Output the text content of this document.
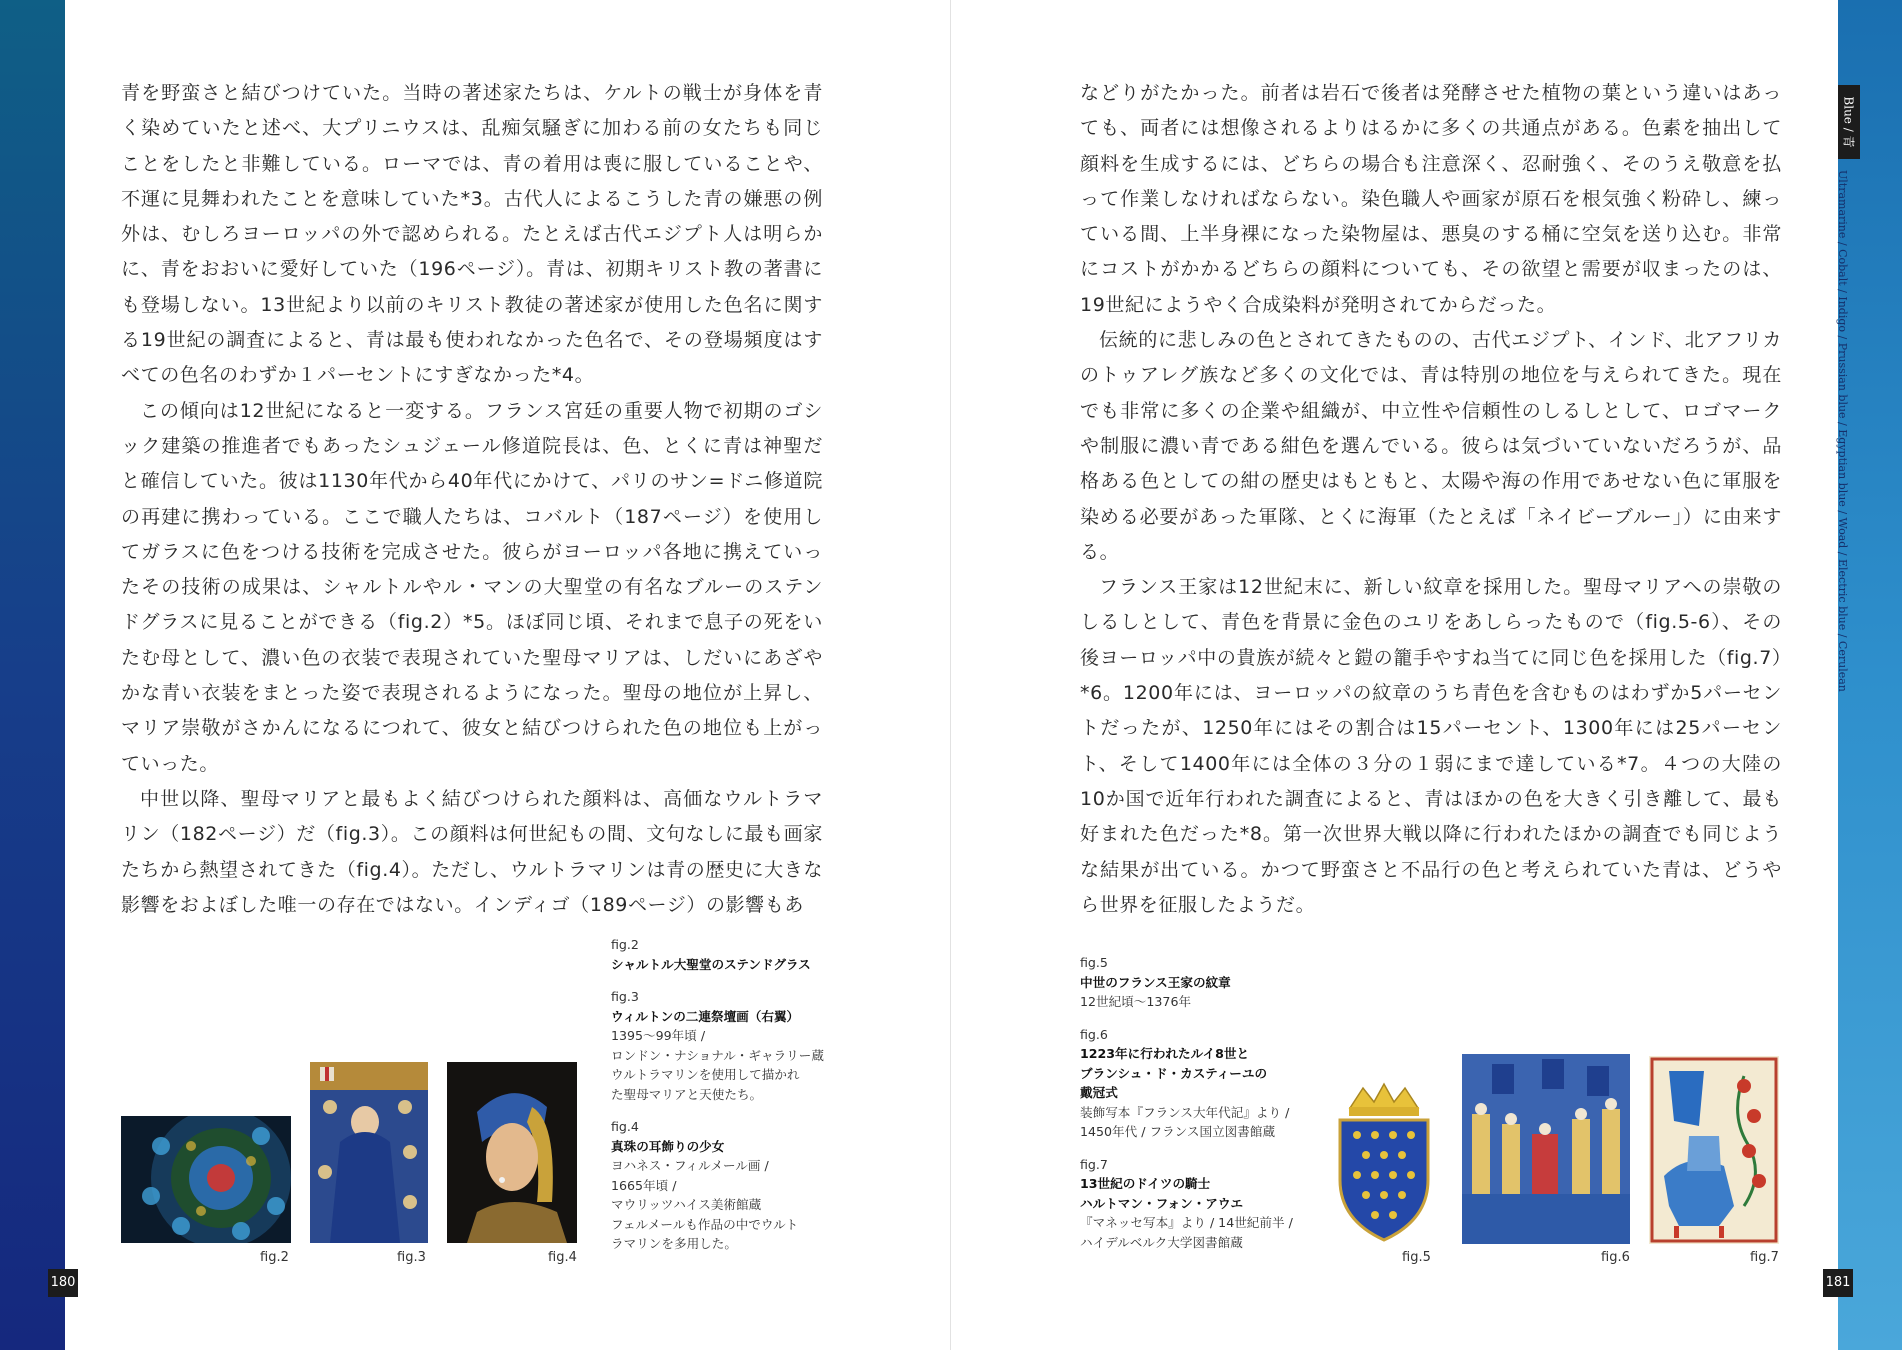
青を野蛮さと結びつけていた。当時の著述家たちは、ケルトの戦士が身体を青く染めていたと述べ、大プリニウスは、乱痴気騒ぎに加わる前の女たちも同じことをしたと非難している。ローマでは、青の着用は喪に服していることや、不運に見舞われたことを意味していた*3。古代人によるこうした青の嫌悪の例外は、むしろヨーロッパの外で認められる。たとえば古代エジプト人は明らかに、青をおおいに愛好していた（196ページ）。青は、初期キリスト教の著書にも登場しない。13世紀より以前のキリスト教徒の著述家が使用した色名に関する19世紀の調査によると、青は最も使われなかった色名で、その登場頻度はすべての色名のわずか１パーセントにすぎなかった*4。

この傾向は12世紀になると一変する。フランス宮廷の重要人物で初期のゴシック建築の推進者でもあったシュジェール修道院長は、色、とくに青は神聖だと確信していた。彼は1130年代から40年代にかけて、パリのサン=ドニ修道院の再建に携わっている。ここで職人たちは、コバルト（187ページ）を使用してガラスに色をつける技術を完成させた。彼らがヨーロッパ各地に携えていったその技術の成果は、シャルトルやル・マンの大聖堂の有名なブルーのステンドグラスに見ることができる（fig.2）*5。ほぼ同じ頃、それまで息子の死をいたむ母として、濃い色の衣装で表現されていた聖母マリアは、しだいにあざやかな青い衣装をまとった姿で表現されるようになった。聖母の地位が上昇し、マリア崇敬がさかんになるにつれて、彼女と結びつけられた色の地位も上がっていった。

中世以降、聖母マリアと最もよく結びつけられた顔料は、高価なウルトラマリン（182ページ）だ（fig.3）。この顔料は何世紀もの間、文句なしに最も画家たちから熱望されてきた（fig.4）。ただし、ウルトラマリンは青の歴史に大きな影響をおよぼした唯一の存在ではない。インディゴ（189ページ）の影響もあ

fig.2	fig.3	fig.4
fig.2
シャルトル大聖堂のステンドグラス
fig.3
ウィルトンの二連祭壇画（右翼）
1395〜99年頃 /
ロンドン・ナショナル・ギャラリー蔵
ウルトラマリンを使用して描かれ
た聖母マリアと天使たち。
fig.4
真珠の耳飾りの少女
ヨハネス・フィルメール画 /
1665年頃 /
マウリッツハイス美術館蔵
フェルメールも作品の中でウルト
ラマリンを多用した。
180

などりがたかった。前者は岩石で後者は発酵させた植物の葉という違いはあっても、両者には想像されるよりはるかに多くの共通点がある。色素を抽出して顔料を生成するには、どちらの場合も注意深く、忍耐強く、そのうえ敬意を払って作業しなければならない。染色職人や画家が原石を根気強く粉砕し、練っている間、上半身裸になった染物屋は、悪臭のする桶に空気を送り込む。非常にコストがかかるどちらの顔料についても、その欲望と需要が収まったのは、19世紀にようやく合成染料が発明されてからだった。

伝統的に悲しみの色とされてきたものの、古代エジプト、インド、北アフリカのトゥアレグ族など多くの文化では、青は特別の地位を与えられてきた。現在でも非常に多くの企業や組織が、中立性や信頼性のしるしとして、ロゴマークや制服に濃い青である紺色を選んでいる。彼らは気づいていないだろうが、品格ある色としての紺の歴史はもともと、太陽や海の作用であせない色に軍服を染める必要があった軍隊、とくに海軍（たとえば「ネイビーブルー」）に由来する。

フランス王家は12世紀末に、新しい紋章を採用した。聖母マリアへの崇敬のしるしとして、青色を背景に金色のユリをあしらったもので（fig.5-6）、その後ヨーロッパ中の貴族が続々と鎧の籠手やすね当てに同じ色を採用した（fig.7）*6。1200年には、ヨーロッパの紋章のうち青色を含むものはわずか5パーセントだったが、1250年にはその割合は15パーセント、1300年には25パーセント、そして1400年には全体の３分の１弱にまで達している*7。４つの大陸の10か国で近年行われた調査によると、青はほかの色を大きく引き離して、最も好まれた色だった*8。第一次世界大戦以降に行われたほかの調査でも同じような結果が出ている。かつて野蛮さと不品行の色と考えられていた青は、どうやら世界を征服したようだ。

fig.5
中世のフランス王家の紋章
12世紀頃〜1376年
fig.6
1223年に行われたルイ8世と
ブランシュ・ド・カスティーユの
戴冠式
装飾写本『フランス大年代記』より /
1450年代 / フランス国立図書館蔵
fig.7
13世紀のドイツの騎士
ハルトマン・フォン・アウエ
『マネッセ写本』より / 14世紀前半 /
ハイデルベルク大学図書館蔵
fig.5	fig.6	fig.7
181
Blue / 青
Ultramarine / Cobalt / Indigo / Prussian blue / Egyptian blue / Woad / Electric blue / Cerulean
